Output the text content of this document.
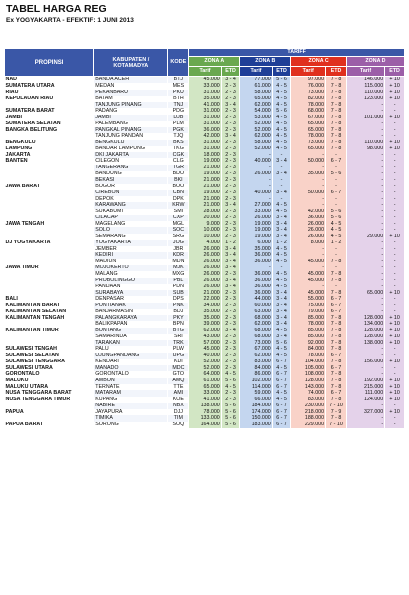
TABEL HARGA REG
Ex YOGYAKARTA - EFEKTIF: 1 JUNI 2013
PROPINSI	KABUPATEN / KOTAMADYA	KODE	TARIFF							
			ZONA A		ZONA B		ZONA C		ZONA D	
			Tarif	ETD	Tarif	ETD	Tarif	ETD	Tarif	ETD
NAD	BANDA ACEH	BTJ	45.000	3 - 4	77.000	5 - 6	97.000	7 - 8	146.000	+ 10
SUMATERA UTARA	MEDAN	MES	33.000	2 - 3	61.000	4 - 5	76.000	7 - 8	115.000	+ 10
RIAU	PEKANBARU	PKU	31.000	2 - 3	58.000	4 - 5	73.000	7 - 8	110.000	+ 10
KEPULAUAN RIAU	BATAM	BTH	35.000	2 - 3	65.000	4 - 5	82.000	7 - 8	123.000	+ 10
	TANJUNG PINANG	TNJ	41.000	3 - 4	62.000	4 - 5	78.000	7 - 8	-	-
SUMATERA BARAT	PADANG	PDG	31.000	2 - 3	54.000	5 - 6	68.000	7 - 8	-	-
JAMBI	JAMBI	DJB	31.000	2 - 3	53.000	4 - 5	67.000	7 - 8	101.000	+ 10
SUMATERA SELATAN	PALEMBANG	PLM	31.000	2 - 3	52.000	4 - 5	65.000	7 - 8	-	-
BANGKA BELITUNG	PANGKAL PINANG	PGK	36.000	2 - 3	52.000	4 - 5	65.000	7 - 8	-	-
	TANJUNG PANDAN	TJQ	42.000	3 - 4	62.000	4 - 5	78.000	7 - 8	-	-
BENGKULU	BENGKULU	BKS	31.000	2 - 3	58.000	4 - 5	73.000	7 - 8	110.000	+ 10
LAMPUNG	BANDAR LAMPUNG	TKG	31.000	2 - 3	52.000	4 - 5	65.000	7 - 8	98.000	+ 10
JAKARTA	DKI JAKARTA	CGK	18.000	2 - 3	-	-	-	-	-	-
BANTEN	CILEGON	CLG	19.000	2 - 3	40.000	3 - 4	50.000	6 - 7	-	-
	TANGERANG	TGR	21.000	2 - 3	-	-	-	-	-	-
	BANDUNG	BDO	19.000	2 - 3	26.000	3 - 4	35.000	5 - 6	-	-
	BEKASI	BKI	21.000	2 - 3	-	-	-	-	-	-
JAWA BARAT	BOGOR	BOO	21.000	2 - 3	-	-	-	-	-	-
	CIREBON	CBN	19.000	2 - 3	40.000	3 - 4	50.000	6 - 7	-	-
	DEPOK	DPK	21.000	2 - 3	-	-	-	-	-	-
	KARAWANG	KRW	21.000	3 - 4	27.000	4 - 5	-	-	-	-
	SUKABUMI	SMI	28.000	2 - 3	33.000	4 - 5	42.000	5 - 6	-	-
	CILACAP	CXP	20.000	2 - 3	26.000	3 - 4	36.000	5 - 6	-	-
JAWA TENGAH	MAGELANG	MGL	9.000	2 - 3	19.000	3 - 4	26.000	4 - 5	-	-
	SOLO	SOC	10.000	2 - 3	19.000	3 - 4	26.000	4 - 5	-	-
	SEMARANG	SRG	10.000	2 - 3	19.000	3 - 4	26.000	4 - 5	29.000	+ 10
DJ YOGYAKARTA	YOGYAKARTA	JOG	4.000	1 - 2	6.000	1 - 2	8.000	1 - 2	-	-
	JEMBER	JBR	26.000	3 - 4	35.000	4 - 5	-	-	-	-
	KEDIRI	KDR	26.000	3 - 4	36.000	4 - 5	-	-	-	-
	MADIUN	MDN	26.000	3 - 4	36.000	4 - 5	45.000	7 - 8	-	-
JAWA TIMUR	MOJOKERTO	MJK	26.000	3 - 4	-	-	-	-	-	-
	MALANG	MXG	26.000	2 - 3	36.000	4 - 5	45.000	7 - 8	-	-
	PROBOLINGGO	PBL	26.000	3 - 4	36.000	4 - 5	45.000	7 - 8	-	-
	PANDAAN	PDN	26.000	3 - 4	36.000	4 - 5	-	-	-	-
	SURABAYA	SUB	21.000	2 - 3	36.000	3 - 4	45.000	7 - 8	65.000	+ 10
BALI	DENPASAR	DPS	22.000	2 - 3	44.000	3 - 4	55.000	6 - 7	-	-
KALIMANTAN BARAT	PONTIANAK	PNK	34.000	2 - 3	60.000	3 - 4	75.000	6 - 7	-	-
KALIMANTAN SELATAN	BANJARMASIN	BDJ	35.000	2 - 3	63.000	3 - 4	79.000	6 - 7	-	-
KALIMANTAN TENGAH	PALANGKARAYA	PKY	35.000	2 - 3	68.000	3 - 4	85.000	7 - 8	128.000	+ 10
	BALIKPAPAN	BPN	39.000	2 - 3	62.000	3 - 4	78.000	7 - 8	134.000	+ 10
KALIMANTAN TIMUR	BONTANG	BTG	62.000	3 - 4	68.000	4 - 5	85.000	7 - 8	128.000	+ 10
	SAMARINDA	SRI	43.000	2 - 3	68.000	3 - 4	85.000	7 - 8	128.000	+ 10
	TARAKAN	TRK	57.000	2 - 3	73.000	5 - 6	92.000	7 - 8	138.000	+ 10
SULAWESI TENGAH	PALU	PLW	45.000	2 - 3	67.000	4 - 5	84.000	7 - 8	-	-
SULAWESI SELATAN	UJUNGPANDANG	UPG	40.000	2 - 3	62.000	4 - 5	78.000	6 - 7	-	-
SULAWESI TENGGARA	KENDARI	KDI	52.000	2 - 3	83.000	6 - 7	104.000	7 - 8	156.000	+ 10
SULAWESI UTARA	MANADO	MDC	52.000	2 - 3	84.000	4 - 5	105.000	6 - 7	-	-
GORONTALO	GORONTALO	GTO	64.000	4 - 5	86.000	6 - 7	108.000	7 - 8	-	-
MALUKU	AMBON	AMQ	61.000	5 - 6	102.000	6 - 7	128.000	7 - 8	192.000	+ 10
MALUKU UTARA	TERNATE	TTE	65.000	4 - 5	114.000	6 - 7	143.000	7 - 8	215.000	+ 10
NUSA TENGGARA BARAT	MATARAM	AMI	33.000	2 - 3	59.000	4 - 5	74.000	6 - 7	111.000	+ 10
NUSA TENGGARA TIMUR	KUPANG	KOE	41.000	2 - 3	66.000	4 - 5	83.000	7 - 8	124.000	+ 10
	NABIRE	NBX	138.000	5 - 6	184.000	6 - 7	230.000	7 - 10	-	-
PAPUA	JAYAPURA	DJJ	78.000	5 - 6	174.000	6 - 7	218.000	7 - 9	327.000	+ 10
	TIMIKA	TIM	133.000	5 - 6	150.000	6 - 7	188.000	7 - 8	-	-
PAPUA BARAT	SORONG	SOQ	164.000	5 - 6	183.000	6 - 7	229.000	7 - 10	-	-
